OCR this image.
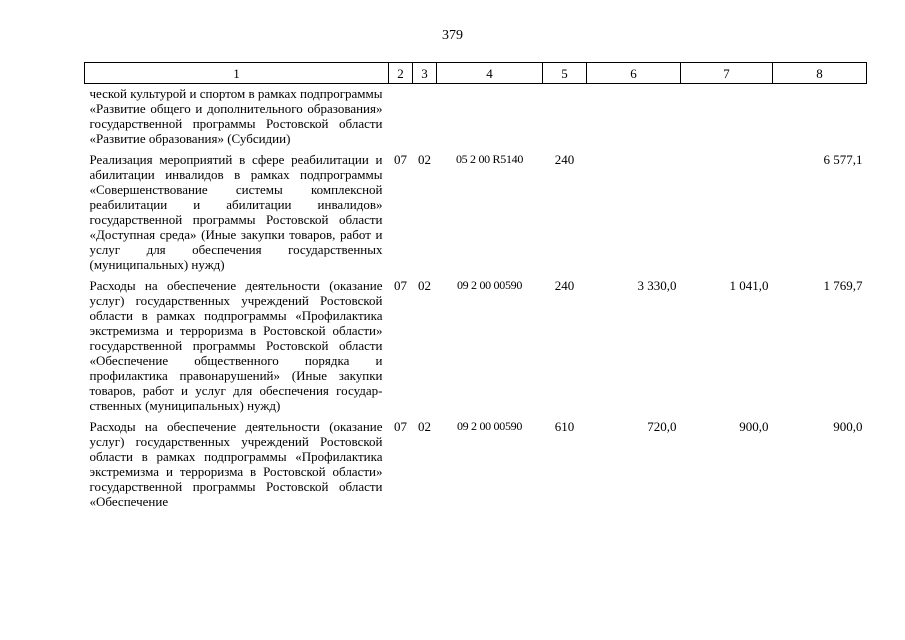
379
1	2	3	4	5	6	7	8
ческой культурой и спортом в рамках подпрограммы «Развитие общего и дополнительного образования» государственной программы Ростовской области «Развитие образования» (Субсидии)							
Реализация мероприятий в сфере реабилитации и абилитации инвалидов в рамках подпрограммы «Совершенствование системы комплексной реабилитации и абилитации инвалидов» государственной программы Ростовской области «Доступная среда» (Иные закупки товаров, работ и услуг для обеспечения государственных (муниципальных) нужд)	07	02	05 2 00 R5140	240			6 577,1
Расходы на обеспечение деятельности (оказание услуг) государственных учреждений Ростовской области в рамках подпрограммы «Профилактика экстремизма и терроризма в Ростовской области» государственной программы Ростовской области «Обеспечение общественного порядка и профилактика правонарушений» (Иные закупки товаров, работ и услуг для обеспечения государственных (муниципальных) нужд)	07	02	09 2 00 00590	240	3 330,0	1 041,0	1 769,7
Расходы на обеспечение деятельности (оказание услуг) государственных учреждений Ростовской области в рамках подпрограммы «Профилактика экстремизма и терроризма в Ростовской области» государственной программы Ростовской области «Обеспечение	07	02	09 2 00 00590	610	720,0	900,0	900,0
